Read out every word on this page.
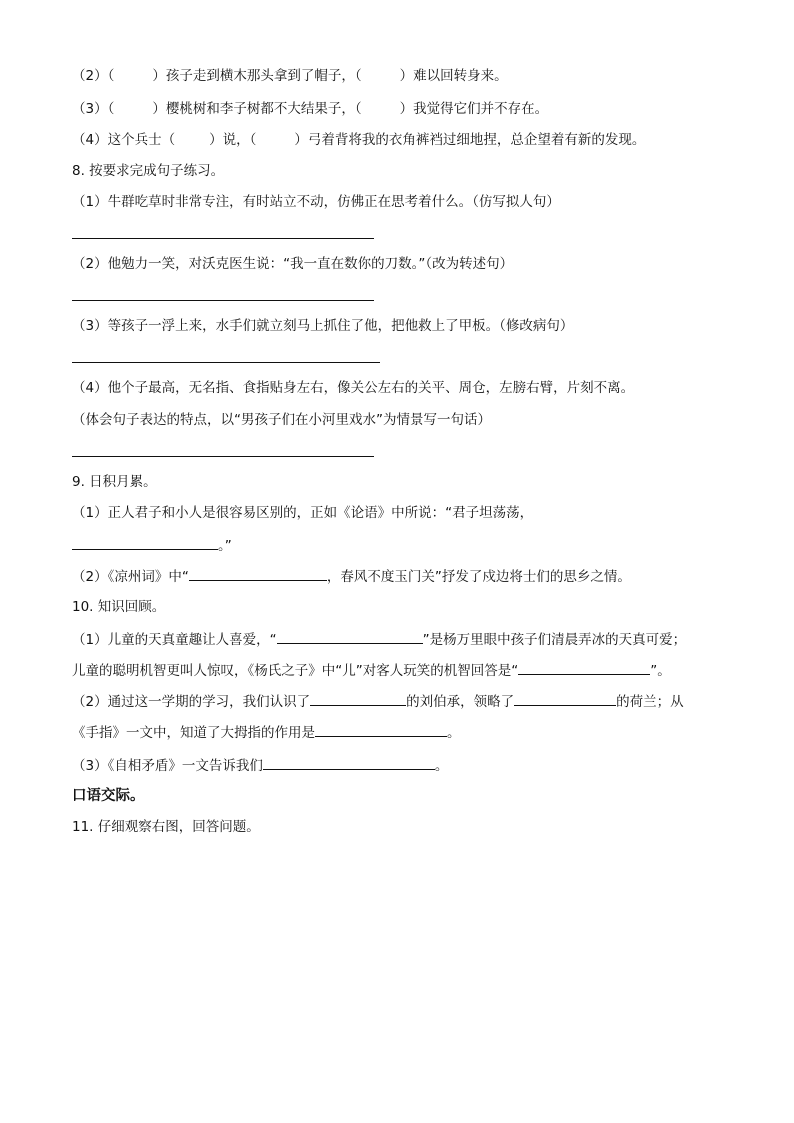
（2）（	）孩子走到横木那头拿到了帽子，（	）难以回转身来。
（3）（	）樱桃树和李子树都不大结果子，（	）我觉得它们并不存在。
（4）这个兵士（	）说，（	）弓着背将我的衣角裤裆过细地捏，总企望着有新的发现。
8. 按要求完成句子练习。
（1）牛群吃草时非常专注，有时站立不动，仿佛正在思考着什么。（仿写拟人句）
（2）他勉力一笑，对沃克医生说：“我一直在数你的刀数。”（改为转述句）
（3）等孩子一浮上来，水手们就立刻马上抓住了他，把他救上了甲板。（修改病句）
（4）他个子最高，无名指、食指贴身左右，像关公左右的关平、周仓，左膀右臂，片刻不离。
（体会句子表达的特点，以“男孩子们在小河里戏水”为情景写一句话）
9. 日积月累。
（1）正人君子和小人是很容易区别的，正如《论语》中所说：“君子坦荡荡，
。”
（2）《凉州词》中“	，春风不度玉门关”抒发了戍边将士们的思乡之情。
10. 知识回顾。
（1）儿童的天真童趣让人喜爱，“	”是杨万里眼中孩子们清晨弄冰的天真可爱；
儿童的聪明机智更叫人惊叹，《杨氏之子》中“儿”对客人玩笑的机智回答是“	”。
（2）通过这一学期的学习，我们认识了	的刘伯承，领略了	的荷兰；从
《手指》一文中，知道了大拇指的作用是	。
（3）《自相矛盾》一文告诉我们	。
口语交际。
11. 仔细观察右图，回答问题。
